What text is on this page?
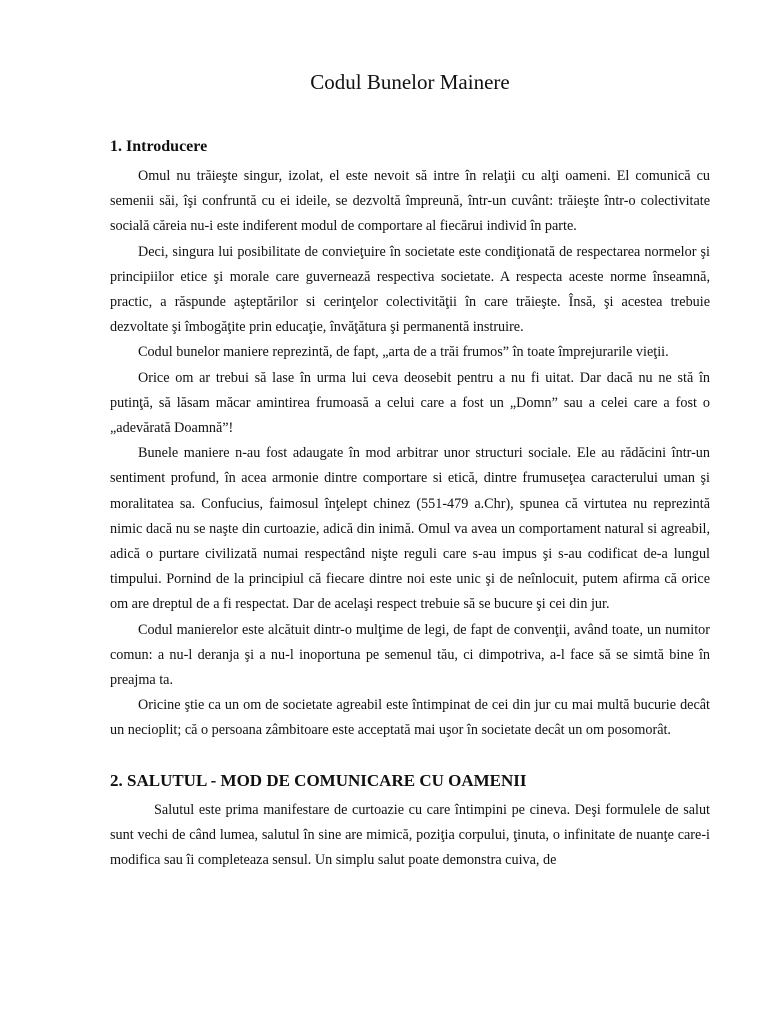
Codul Bunelor Mainere
1. Introducere

Omul nu trăieşte singur, izolat, el este nevoit să intre în relaţii cu alţi oameni. El comunică cu semenii săi, îşi confruntă cu ei ideile, se dezvoltă împreună, într-un cuvânt: trăieşte într-o colectivitate socială căreia nu-i este indiferent modul de comportare al fiecărui individ în parte.

Deci, singura lui posibilitate de convieţuire în societate este condiţionată de respectarea normelor şi principiilor etice şi morale care guvernează respectiva societate. A respecta aceste norme înseamnă, practic, a răspunde aşteptărilor si cerinţelor colectivităţii în care trăieşte. Însă, şi acestea trebuie dezvoltate şi îmbogăţite prin educaţie, învăţătura şi permanentă instruire.

Codul bunelor maniere reprezintă, de fapt, „arta de a trăi frumos” în toate împrejurarile vieţii.

Orice om ar trebui să lase în urma lui ceva deosebit pentru a nu fi uitat. Dar dacă nu ne stă în putinţă, să lăsam măcar amintirea frumoasă a celui care a fost un „Domn” sau a celei care a fost o „adevărată Doamnă”!

Bunele maniere n-au fost adaugate în mod arbitrar unor structuri sociale. Ele au rădăcini într-un sentiment profund, în acea armonie dintre comportare si etică, dintre frumuseţea caracterului uman şi moralitatea sa. Confucius, faimosul înţelept chinez (551-479 a.Chr), spunea că virtutea nu reprezintă nimic dacă nu se naşte din curtoazie, adică din inimă. Omul va avea un comportament natural si agreabil, adică o purtare civilizată numai respectând nişte reguli care s-au impus şi s-au codificat de-a lungul timpului. Pornind de la principiul că fiecare dintre noi este unic şi de neînlocuit, putem afirma că orice om are dreptul de a fi respectat. Dar de acelaşi respect trebuie să se bucure şi cei din jur.

Codul manierelor este alcătuit dintr-o mulţime de legi, de fapt de convenţii, având toate, un numitor comun: a nu-l deranja şi a nu-l inoportuna pe semenul tău, ci dimpotriva, a-l face să se simtă bine în preajma ta.

Oricine ştie ca un om de societate agreabil este întimpinat de cei din jur cu mai multă bucurie decât un necioplit; că o persoana zâmbitoare este acceptată mai uşor în societate decât un om posomorât.

2. SALUTUL - MOD DE COMUNICARE CU OAMENII

Salutul este prima manifestare de curtoazie cu care întimpini pe cineva. Deşi formulele de salut sunt vechi de când lumea, salutul în sine are mimică, poziţia corpului, ţinuta, o infinitate de nuanţe care-i modifica sau îi completeaza sensul. Un simplu salut poate demonstra cuiva, de
